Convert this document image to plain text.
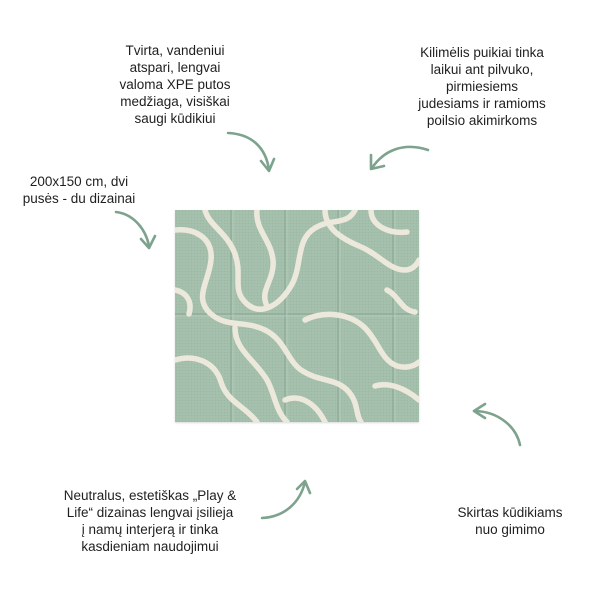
Tvirta, vandeniui
atspari, lengvai
valoma XPE putos
medžiaga, visiškai
saugi kūdikiui
Kilimėlis puikiai tinka
laikui ant pilvuko,
pirmiesiems
judesiams ir ramioms
poilsio akimirkoms
200x150 cm, dvi
pusės - du dizainai
Neutralus, estetiškas „Play &
Life“ dizainas lengvai įsilieja
į namų interjerą ir tinka
kasdieniam naudojimui
Skirtas kūdikiams
nuo gimimo
